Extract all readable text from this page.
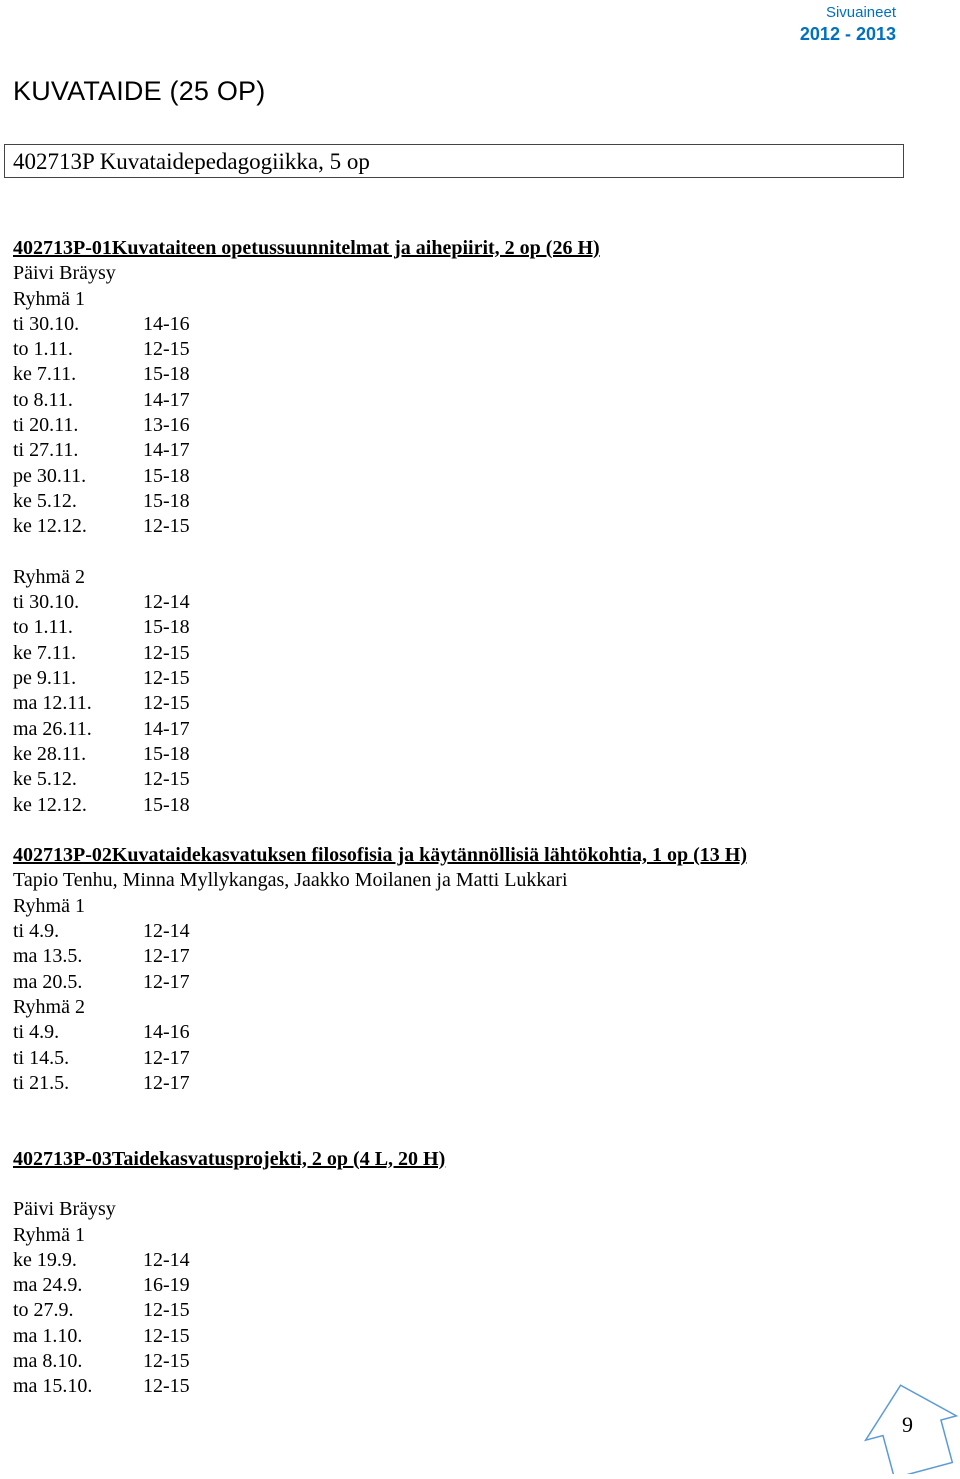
Sivuaineet
2012 - 2013
KUVATAIDE (25 OP)
402713P Kuvataidepedagogiikka, 5 op
402713P-01Kuvataiteen opetussuunnitelmat ja aihepiirit, 2 op (26 H)
Päivi Bräysy
Ryhmä 1
ti 30.10.	14-16
to 1.11.	12-15
ke 7.11.	15-18
to 8.11.	14-17
ti 20.11.	13-16
ti 27.11.	14-17
pe 30.11.	15-18
ke 5.12.	15-18
ke 12.12.	12-15
Ryhmä 2
ti 30.10.	12-14
to 1.11.	15-18
ke 7.11.	12-15
pe 9.11.	12-15
ma 12.11.	12-15
ma 26.11.	14-17
ke 28.11.	15-18
ke 5.12.	12-15
ke 12.12.	15-18
402713P-02Kuvataidekasvatuksen filosofisia ja käytännöllisiä lähtökohtia, 1 op (13 H)
Tapio Tenhu, Minna Myllykangas, Jaakko Moilanen ja Matti Lukkari
Ryhmä 1
ti 4.9.	12-14
ma 13.5.	12-17
ma 20.5.	12-17
Ryhmä 2
ti 4.9.	14-16
ti 14.5.	12-17
ti 21.5.	12-17
402713P-03Taidekasvatusprojekti, 2 op (4 L, 20 H)
Päivi Bräysy
Ryhmä 1
ke 19.9.	12-14
ma 24.9.	16-19
to 27.9.	12-15
ma 1.10.	12-15
ma 8.10.	12-15
ma 15.10.	12-15
9
